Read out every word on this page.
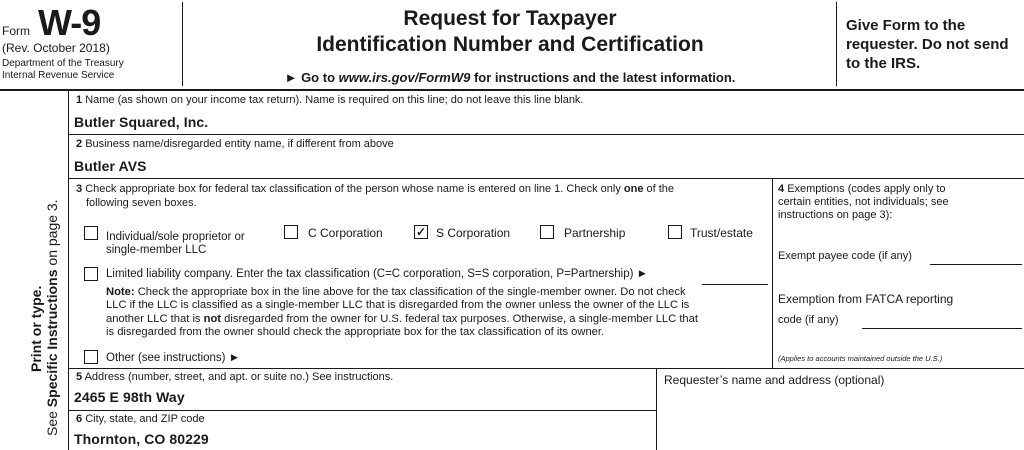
Form W-9
(Rev. October 2018)
Department of the Treasury
Internal Revenue Service
Request for Taxpayer
Identification Number and Certification
► Go to www.irs.gov/FormW9 for instructions and the latest information.
Give Form to the requester. Do not send to the IRS.
Print or type.
See Specific Instructions on page 3.
1 Name (as shown on your income tax return). Name is required on this line; do not leave this line blank.
Butler Squared, Inc.
2 Business name/disregarded entity name, if different from above
Butler AVS
3 Check appropriate box for federal tax classification of the person whose name is entered on line 1. Check only one of the
following seven boxes.
Individual/sole proprietor or
single-member LLC
C Corporation	✓ S Corporation	Partnership	Trust/estate
Limited liability company. Enter the tax classification (C=C corporation, S=S corporation, P=Partnership) ►
Note: Check the appropriate box in the line above for the tax classification of the single-member owner. Do not check
LLC if the LLC is classified as a single-member LLC that is disregarded from the owner unless the owner of the LLC is
another LLC that is not disregarded from the owner for U.S. federal tax purposes. Otherwise, a single-member LLC that
is disregarded from the owner should check the appropriate box for the tax classification of its owner.
Other (see instructions) ►
4 Exemptions (codes apply only to
certain entities, not individuals; see
instructions on page 3):
Exempt payee code (if any)
Exemption from FATCA reporting
code (if any)
(Applies to accounts maintained outside the U.S.)
5 Address (number, street, and apt. or suite no.) See instructions.
2465 E 98th Way
6 City, state, and ZIP code
Thornton, CO 80229
Requester’s name and address (optional)
